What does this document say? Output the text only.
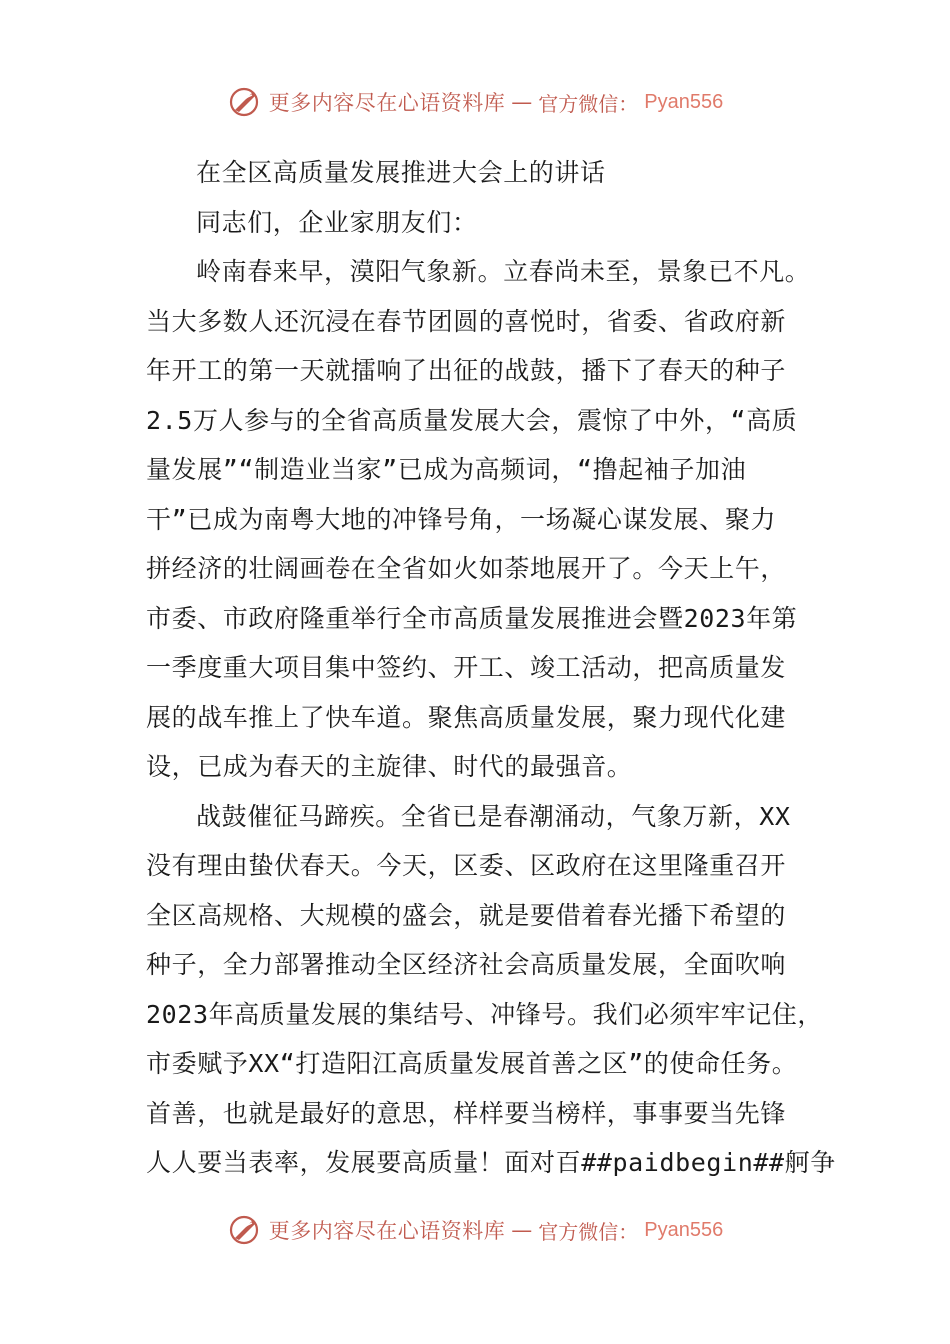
更多内容尽在心语资料库 — 官方微信： Pyan556
在全区高质量发展推进大会上的讲话
同志们，企业家朋友们：
岭南春来早，漠阳气象新。立春尚未至，景象已不凡。
当大多数人还沉浸在春节团圆的喜悦时，省委、省政府新
年开工的第一天就擂响了出征的战鼓，播下了春天的种子
2.5万人参与的全省高质量发展大会，震惊了中外，“高质
量发展”“制造业当家”已成为高频词，“撸起袖子加油
干”已成为南粤大地的冲锋号角，一场凝心谋发展、聚力
拼经济的壮阔画卷在全省如火如荼地展开了。今天上午，
市委、市政府隆重举行全市高质量发展推进会暨2023年第
一季度重大项目集中签约、开工、竣工活动，把高质量发
展的战车推上了快车道。聚焦高质量发展，聚力现代化建
设，已成为春天的主旋律、时代的最强音。
战鼓催征马蹄疾。全省已是春潮涌动，气象万新，XX
没有理由蛰伏春天。今天，区委、区政府在这里隆重召开
全区高规格、大规模的盛会，就是要借着春光播下希望的
种子，全力部署推动全区经济社会高质量发展，全面吹响
2023年高质量发展的集结号、冲锋号。我们必须牢牢记住，
市委赋予XX“打造阳江高质量发展首善之区”的使命任务。
首善，也就是最好的意思，样样要当榜样，事事要当先锋
人人要当表率，发展要高质量！面对百##paidbegin##舸争
更多内容尽在心语资料库 — 官方微信： Pyan556
